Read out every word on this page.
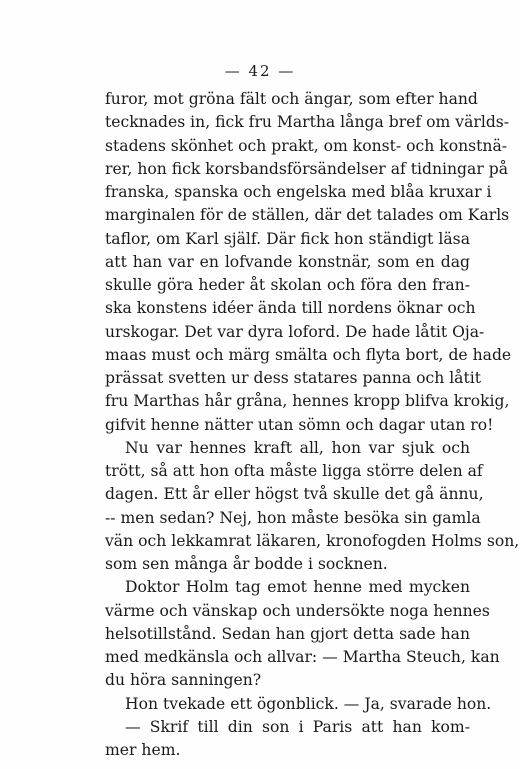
— 42 —
furor, mot gröna fält och ängar, som efter hand
tecknades in, fick fru Martha långa bref om världs-
stadens skönhet och prakt, om konst- och konstnä-
rer, hon fick korsbandsförsändelser af tidningar på
franska, spanska och engelska med blåa kruxar i
marginalen för de ställen, där det talades om Karls
taflor, om Karl själf. Där fick hon ständigt läsa
att han var en lofvande konstnär, som en dag
skulle göra heder åt skolan och föra den fran-
ska konstens idéer ända till nordens öknar och
urskogar. Det var dyra loford. De hade låtit Oja-
maas must och märg smälta och flyta bort, de hade
prässat svetten ur dess statares panna och låtit
fru Marthas hår gråna, hennes kropp blifva krokig,
gifvit henne nätter utan sömn och dagar utan ro!
Nu var hennes kraft all, hon var sjuk och
trött, så att hon ofta måste ligga större delen af
dagen. Ett år eller högst två skulle det gå ännu,
-- men sedan? Nej, hon måste besöka sin gamla
vän och lekkamrat läkaren, kronofogden Holms son,
som sen många år bodde i socknen.
Doktor Holm tag emot henne med mycken
värme och vänskap och undersökte noga hennes
helsotillstånd. Sedan han gjort detta sade han
med medkänsla och allvar: — Martha Steuch, kan
du höra sanningen?
Hon tvekade ett ögonblick. — Ja, svarade hon.
— Skrif till din son i Paris att han kom-
mer hem.
